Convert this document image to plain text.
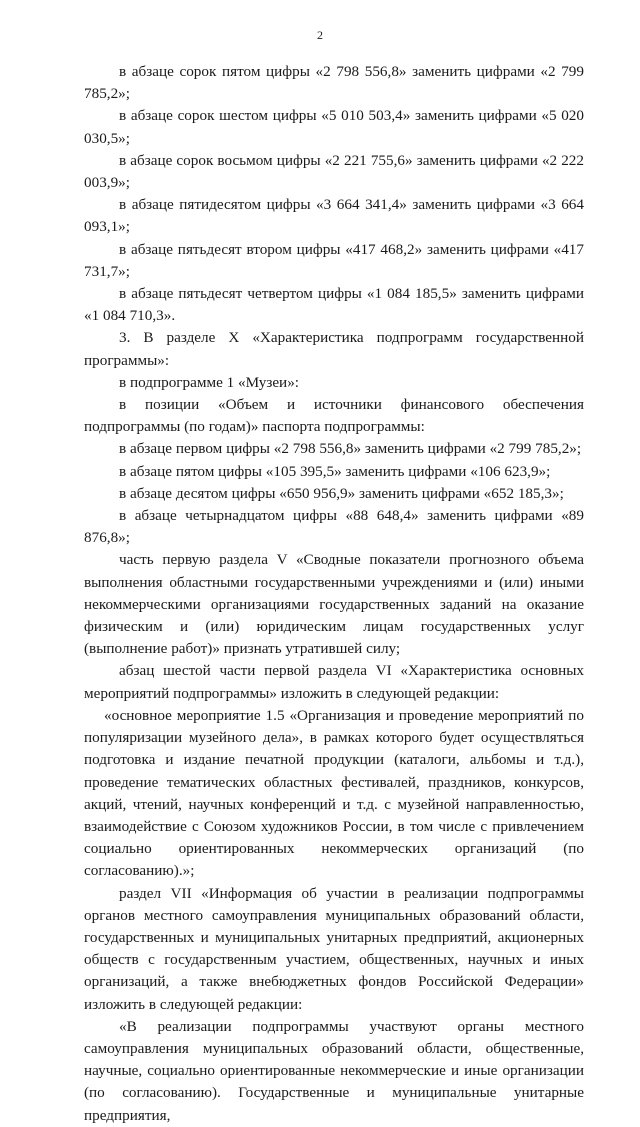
2

в абзаце сорок пятом цифры «2 798 556,8» заменить цифрами «2 799 785,2»;

в абзаце сорок шестом цифры «5 010 503,4» заменить цифрами «5 020 030,5»;

в абзаце сорок восьмом цифры «2 221 755,6» заменить цифрами «2 222 003,9»;

в абзаце пятидесятом цифры «3 664 341,4» заменить цифрами «3 664 093,1»;

в абзаце пятьдесят втором цифры «417 468,2» заменить цифрами «417 731,7»;

в абзаце пятьдесят четвертом цифры «1 084 185,5» заменить цифрами «1 084 710,3».

3. В разделе X «Характеристика подпрограмм государственной программы»:

в подпрограмме 1 «Музеи»:

в позиции «Объем и источники финансового обеспечения подпрограммы (по годам)» паспорта подпрограммы:

в абзаце первом цифры «2 798 556,8» заменить цифрами «2 799 785,2»;

в абзаце пятом цифры «105 395,5» заменить цифрами «106 623,9»;

в абзаце десятом цифры «650 956,9» заменить цифрами «652 185,3»;

в абзаце четырнадцатом цифры «88 648,4» заменить цифрами «89 876,8»;

часть первую раздела V «Сводные показатели прогнозного объема выполнения областными государственными учреждениями и (или) иными некоммерческими организациями государственных заданий на оказание физическим и (или) юридическим лицам государственных услуг (выполнение работ)» признать утратившей силу;

абзац шестой части первой раздела VI «Характеристика основных мероприятий подпрограммы» изложить в следующей редакции:

«основное мероприятие 1.5 «Организация и проведение мероприятий по популяризации музейного дела», в рамках которого будет осуществляться подготовка и издание печатной продукции (каталоги, альбомы и т.д.), проведение тематических областных фестивалей, праздников, конкурсов, акций, чтений, научных конференций и т.д. с музейной направленностью, взаимодействие с Союзом художников России, в том числе с привлечением социально ориентированных некоммерческих организаций (по согласованию).»;

раздел VII «Информация об участии в реализации подпрограммы органов местного самоуправления муниципальных образований области, государственных и муниципальных унитарных предприятий, акционерных обществ с государственным участием, общественных, научных и иных организаций, а также внебюджетных фондов Российской Федерации» изложить в следующей редакции:

«В реализации подпрограммы участвуют органы местного самоуправления муниципальных образований области, общественные, научные, социально ориентированные некоммерческие и иные организации (по согласованию). Государственные и муниципальные унитарные предприятия,
